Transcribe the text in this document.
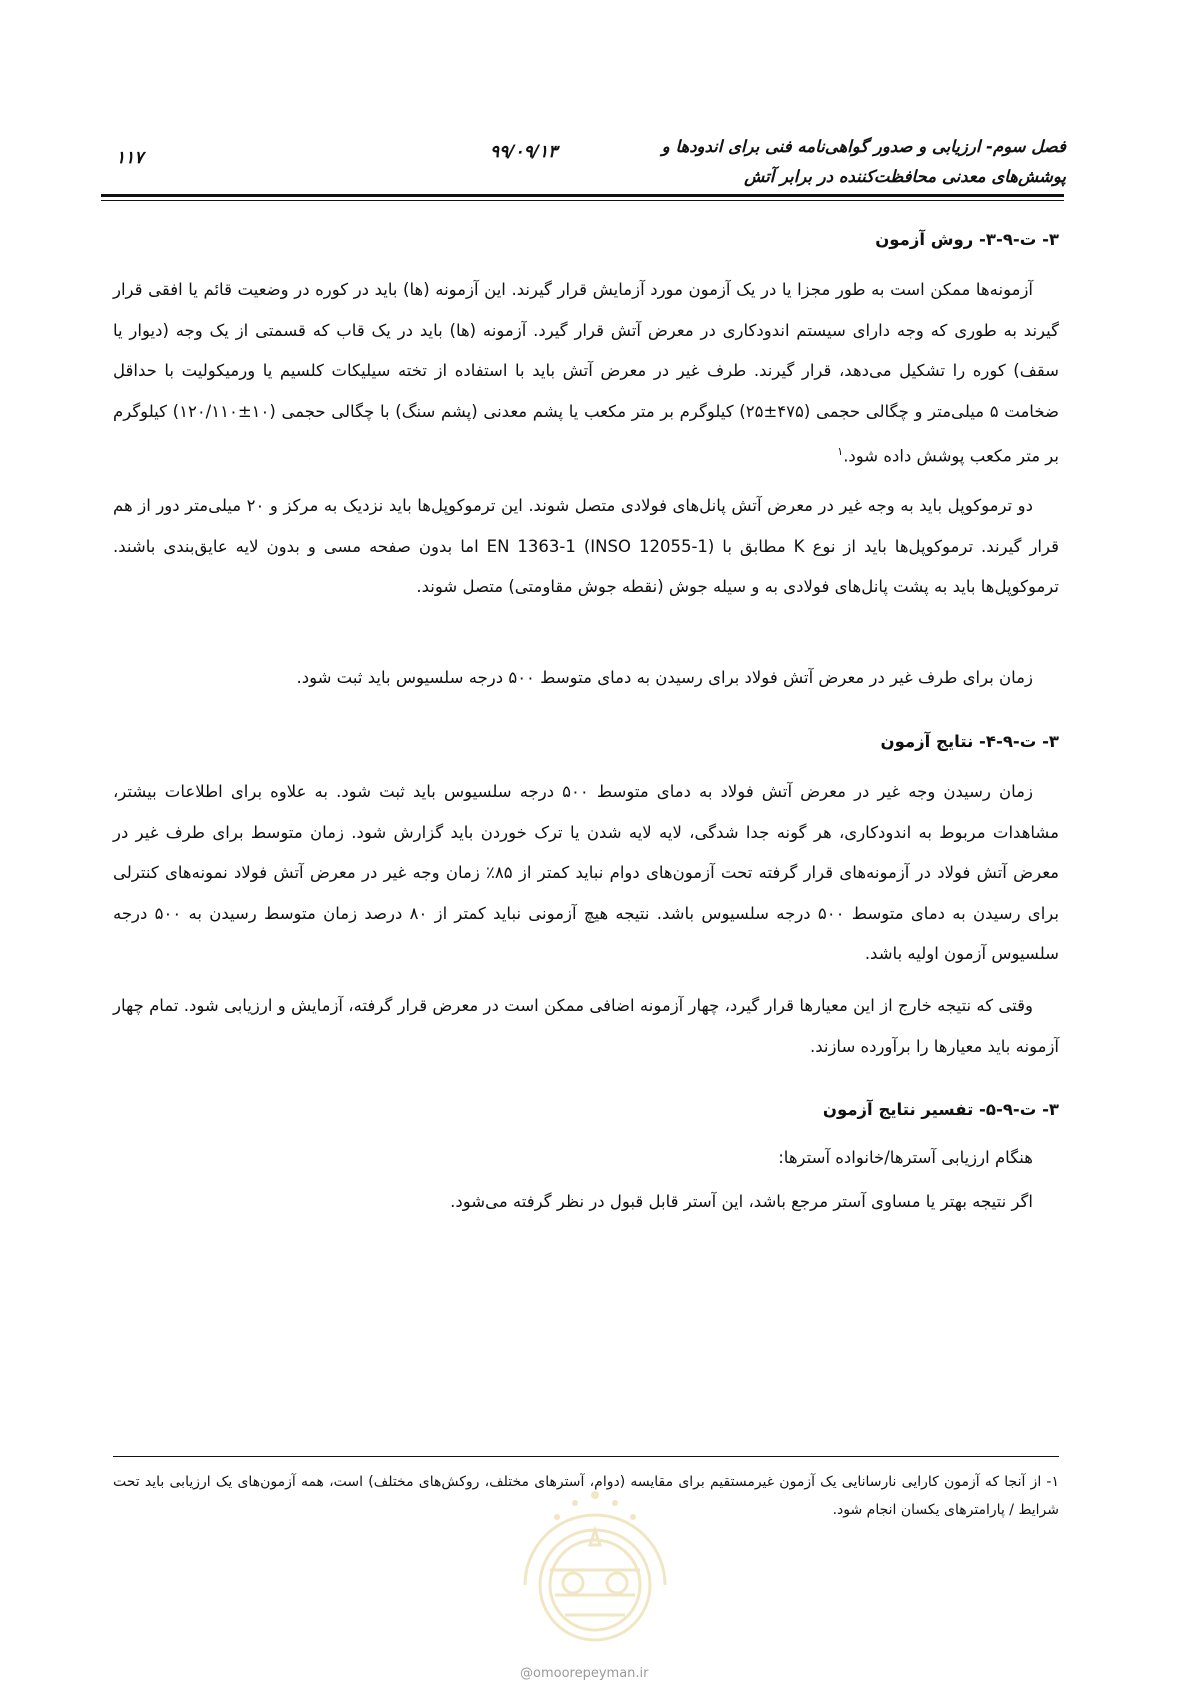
فصل سوم- ارزیابی و صدور گواهی‌نامه فنی برای اندودها و
پوشش‌های معدنی محافظت‌کننده در برابر آتش
۹۹/۰۹/۱۳
۱۱۷
۳- ت-۹-۳- روش آزمون

آزمونه‌ها ممکن است به طور مجزا یا در یک آزمون مورد آزمایش قرار گیرند. این آزمونه (ها) باید در کوره در وضعیت قائم یا افقی قرار گیرند به طوری که وجه دارای سیستم اندودکاری در معرض آتش قرار گیرد. آزمونه (ها) باید در یک قاب که قسمتی از یک وجه (دیوار یا سقف) کوره را تشکیل می‌دهد، قرار گیرند. طرف غیر در معرض آتش باید با استفاده از تخته سیلیکات کلسیم یا ورمیکولیت با حداقل ضخامت ۵ میلی‌متر و چگالی حجمی (۴۷۵±۲۵) کیلوگرم بر متر مکعب یا پشم معدنی (پشم سنگ) با چگالی حجمی (۱۰±۱۲۰/۱۱۰) کیلوگرم بر متر مکعب پوشش داده شود.$^۱$

دو ترموکوپل باید به وجه غیر در معرض آتش پانل‌های فولادی متصل شوند. این ترموکوپل‌ها باید نزدیک به مرکز و ۲۰ میلی‌متر دور از هم قرار گیرند. ترموکوپل‌ها باید از نوع K مطابق با (INSO 12055-1) EN 1363-1 اما بدون صفحه مسی و بدون لایه عایق‌بندی باشند. ترموکوپل‌ها باید به پشت پانل‌های فولادی به و سیله جوش (نقطه جوش مقاومتی) متصل شوند.

زمان برای طرف غیر در معرض آتش فولاد برای رسیدن به دمای متوسط ۵۰۰ درجه سلسیوس باید ثبت شود.

۳- ت-۹-۴- نتایج آزمون

زمان رسیدن وجه غیر در معرض آتش فولاد به دمای متوسط ۵۰۰ درجه سلسیوس باید ثبت شود. به علاوه برای اطلاعات بیشتر، مشاهدات مربوط به اندودکاری، هر گونه جدا شدگی، لایه لایه شدن یا ترک خوردن باید گزارش شود. زمان متوسط برای طرف غیر در معرض آتش فولاد در آزمونه‌های قرار گرفته تحت آزمون‌های دوام نباید کمتر از ۸۵٪ زمان وجه غیر در معرض آتش فولاد نمونه‌های کنترلی برای رسیدن به دمای متوسط ۵۰۰ درجه سلسیوس باشد. نتیجه هیچ آزمونی نباید کمتر از ۸۰ درصد زمان متوسط رسیدن به ۵۰۰ درجه سلسیوس آزمون اولیه باشد.

وقتی که نتیجه خارج از این معیارها قرار گیرد، چهار آزمونه اضافی ممکن است در معرض قرار گرفته، آزمایش و ارزیابی شود. تمام چهار آزمونه باید معیارها را برآورده سازند.

۳- ت-۹-۵- تفسیر نتایج آزمون
هنگام ارزیابی آسترها/خانواده آسترها:
اگر نتیجه بهتر یا مساوی آستر مرجع باشد، این آستر قابل قبول در نظر گرفته می‌شود.
۱- از آنجا که آزمون کارایی نارسانایی یک آزمون غیرمستقیم برای مقایسه (دوام، آسترهای مختلف، روکش‌های مختلف) است، همه آزمون‌های یک ارزیابی باید تحت شرایط / پارامترهای یکسان انجام شود.
@omoorepeyman.ir
